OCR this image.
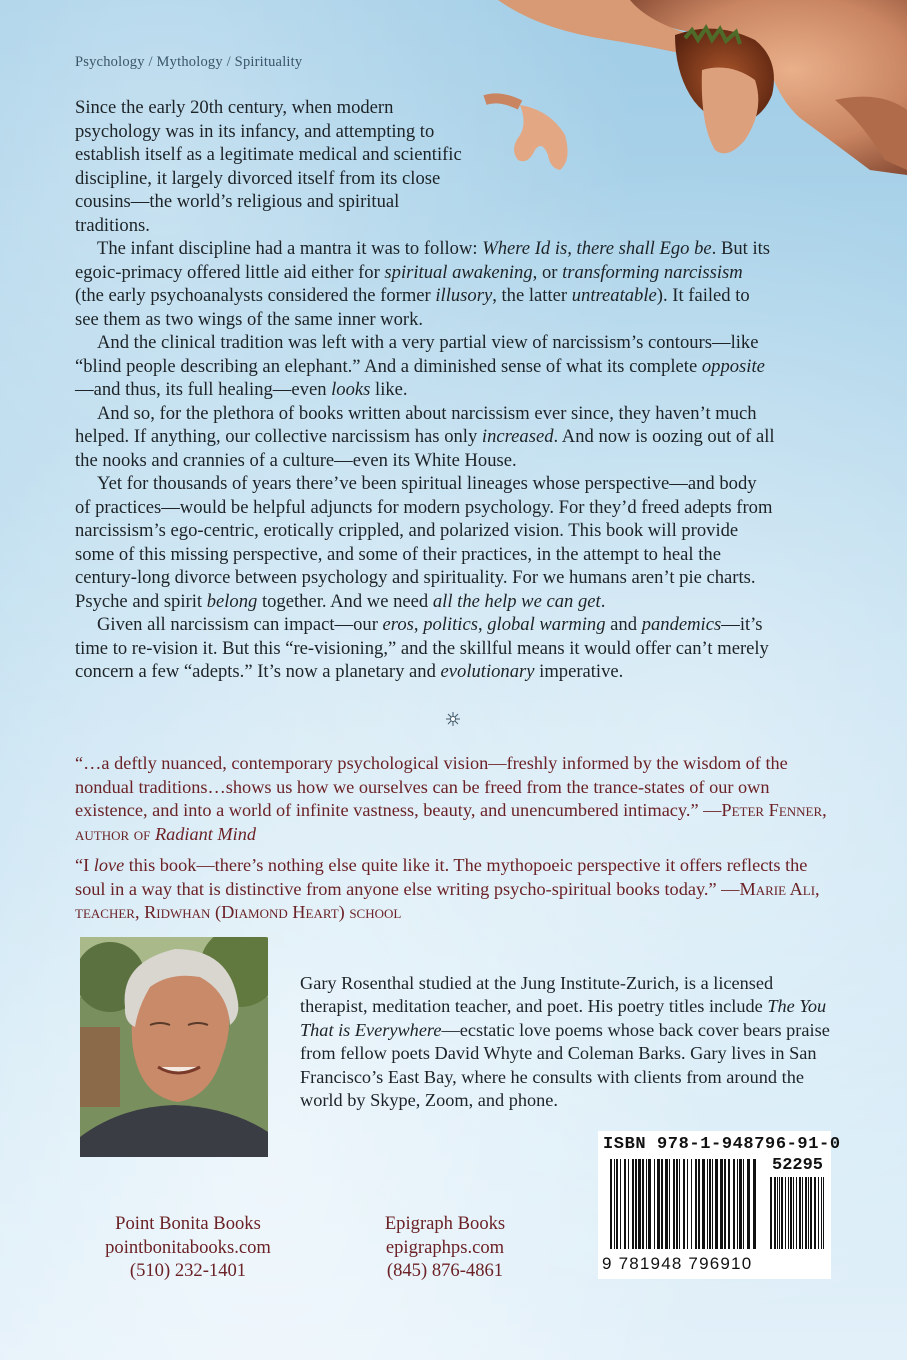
Psychology / Mythology / Spirituality

Since the early 20th century, when modern psychology was in its infancy, and attempting to establish itself as a legitimate medical and scientific discipline, it largely divorced itself from its close cousins—the world’s religious and spiritual traditions.

The infant discipline had a mantra it was to follow: Where Id is, there shall Ego be. But its egoic-primacy offered little aid either for spiritual awakening, or transforming narcissism (the early psychoanalysts considered the former illusory, the latter untreatable). It failed to see them as two wings of the same inner work.

And the clinical tradition was left with a very partial view of narcissism’s contours—like “blind people describing an elephant.” And a diminished sense of what its complete opposite—and thus, its full healing—even looks like.

And so, for the plethora of books written about narcissism ever since, they haven’t much helped. If anything, our collective narcissism has only increased. And now is oozing out of all the nooks and crannies of a culture—even its White House.

Yet for thousands of years there’ve been spiritual lineages whose perspective—and body of practices—would be helpful adjuncts for modern psychology. For they’d freed adepts from narcissism’s ego-centric, erotically crippled, and polarized vision. This book will provide some of this missing perspective, and some of their practices, in the attempt to heal the century-long divorce between psychology and spirituality. For we humans aren’t pie charts. Psyche and spirit belong together. And we need all the help we can get.

Given all narcissism can impact—our eros, politics, global warming and pandemics—it’s time to re-vision it. But this “re-visioning,” and the skillful means it would offer can’t merely concern a few “adepts.” It’s now a planetary and evolutionary imperative.

“…a deftly nuanced, contemporary psychological vision—freshly informed by the wisdom of the nondual traditions…shows us how we ourselves can be freed from the trance-states of our own existence, and into a world of infinite vastness, beauty, and unencumbered intimacy.” —Peter Fenner, author of Radiant Mind

“I love this book—there’s nothing else quite like it. The mythopoeic perspective it offers reflects the soul in a way that is distinctive from anyone else writing psycho-spiritual books today.” —Marie Ali, teacher, Ridwhan (Diamond Heart) school

Gary Rosenthal studied at the Jung Institute-Zurich, is a licensed therapist, meditation teacher, and poet. His poetry titles include The You That is Everywhere—ecstatic love poems whose back cover bears praise from fellow poets David Whyte and Coleman Barks. Gary lives in San Francisco’s East Bay, where he consults with clients from around the world by Skype, Zoom, and phone.
Point Bonita Books
pointbonitabooks.com
(510) 232-1401
Epigraph Books
epigraphps.com
(845) 876-4861
ISBN 978-1-948796-91-0
52295
9 781948 796910
